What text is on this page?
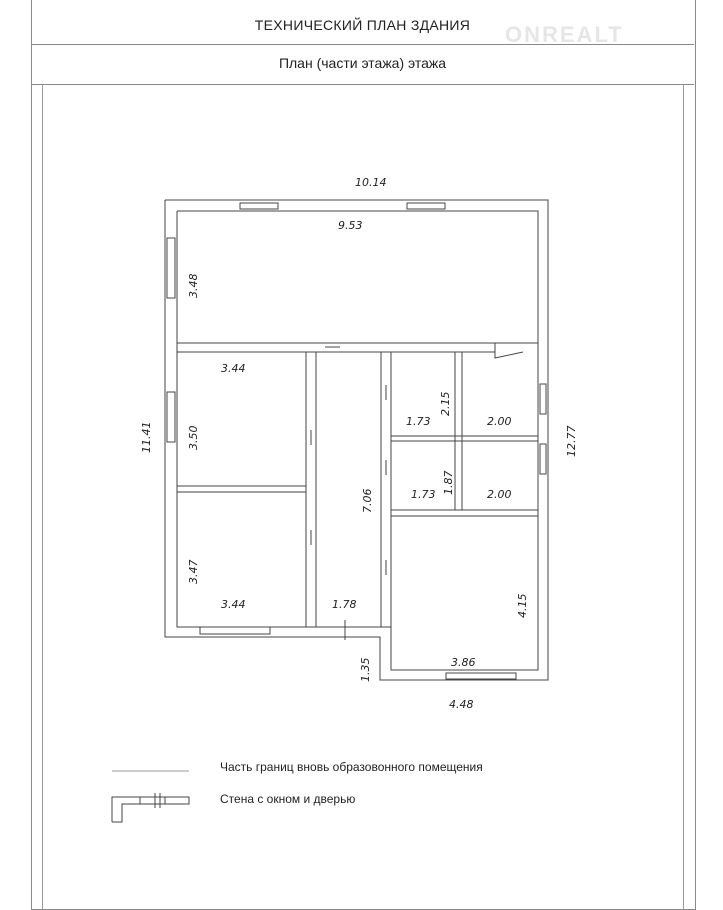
ТЕХНИЧЕСКИЙ ПЛАН ЗДАНИЯ
План (части этажа) этажа
ONREALT
10.14
9.53
3.48
11.41	12.77
3.44
3.50
3.47
3.44
7.06
1.78
1.35
2.15
1.73	2.00
1.87
1.73	2.00
4.15
3.86
4.48
Часть границ вновь образовонного помещения
Стена с окном и дверью
